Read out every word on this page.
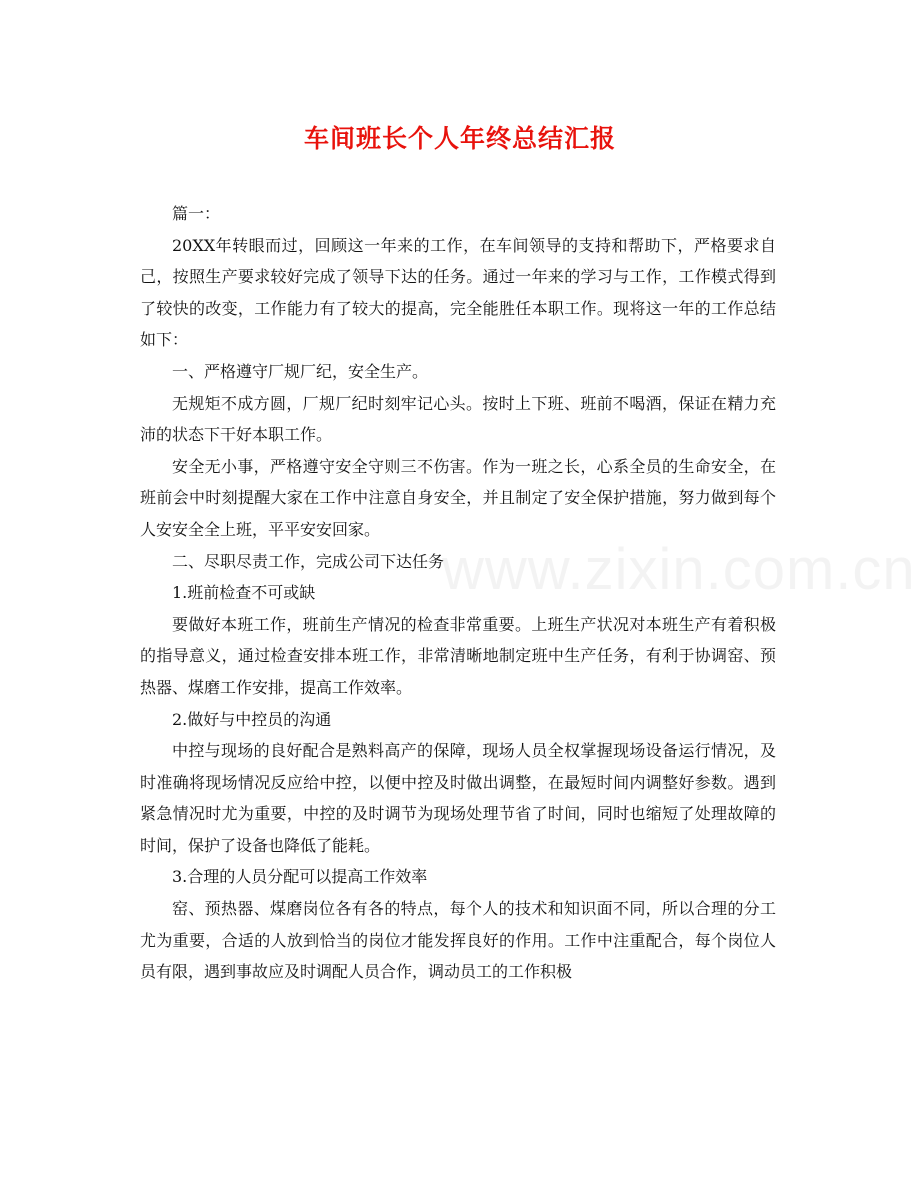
www.zixin.com.cn
车间班长个人年终总结汇报

篇一：

20XX年转眼而过，回顾这一年来的工作，在车间领导的支持和帮助下，严格要求自己，按照生产要求较好完成了领导下达的任务。通过一年来的学习与工作，工作模式得到了较快的改变，工作能力有了较大的提高，完全能胜任本职工作。现将这一年的工作总结如下：

一、严格遵守厂规厂纪，安全生产。

无规矩不成方圆，厂规厂纪时刻牢记心头。按时上下班、班前不喝酒，保证在精力充沛的状态下干好本职工作。

安全无小事，严格遵守安全守则三不伤害。作为一班之长，心系全员的生命安全，在班前会中时刻提醒大家在工作中注意自身安全，并且制定了安全保护措施，努力做到每个人安安全全上班，平平安安回家。

二、尽职尽责工作，完成公司下达任务

1.班前检查不可或缺

要做好本班工作，班前生产情况的检查非常重要。上班生产状况对本班生产有着积极的指导意义，通过检查安排本班工作，非常清晰地制定班中生产任务，有利于协调窑、预热器、煤磨工作安排，提高工作效率。

2.做好与中控员的沟通

中控与现场的良好配合是熟料高产的保障，现场人员全权掌握现场设备运行情况，及时准确将现场情况反应给中控，以便中控及时做出调整，在最短时间内调整好参数。遇到紧急情况时尤为重要，中控的及时调节为现场处理节省了时间，同时也缩短了处理故障的时间，保护了设备也降低了能耗。

3.合理的人员分配可以提高工作效率

窑、预热器、煤磨岗位各有各的特点，每个人的技术和知识面不同，所以合理的分工尤为重要，合适的人放到恰当的岗位才能发挥良好的作用。工作中注重配合，每个岗位人员有限，遇到事故应及时调配人员合作，调动员工的工作积极
